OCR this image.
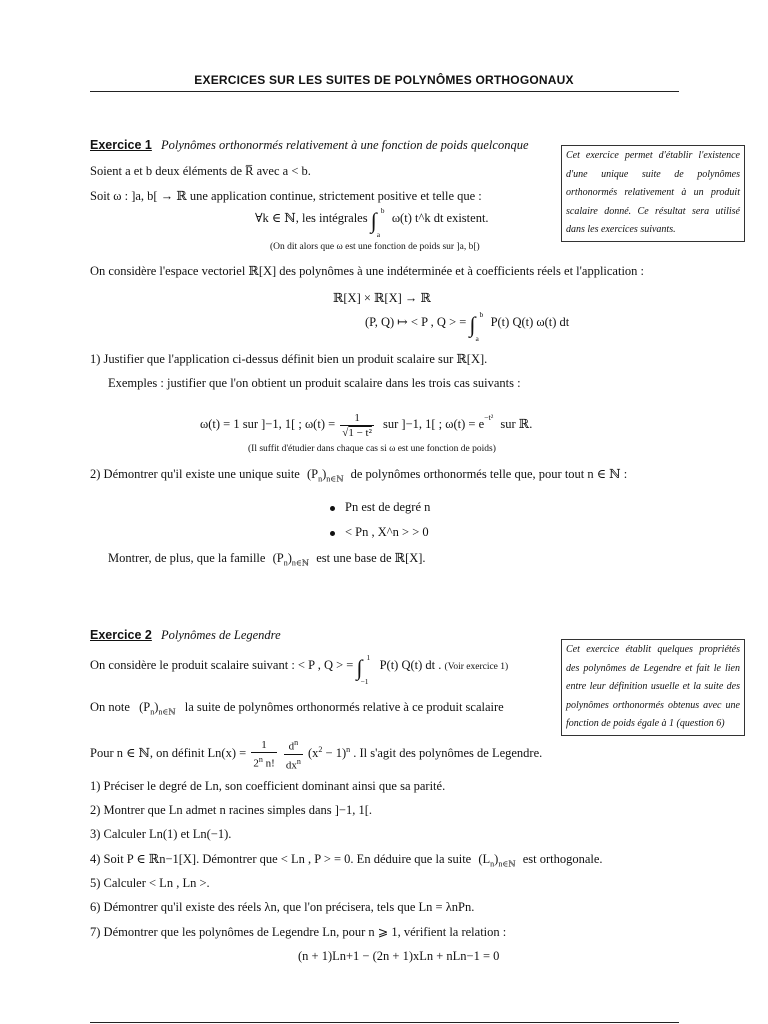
EXERCICES SUR LES SUITES DE POLYNÔMES ORTHOGONAUX
Exercice 1 Polynômes orthonormés relativement à une fonction de poids quelconque
Cet exercice permet d'établir l'existence d'une unique suite de polynômes orthonormés relativement à un produit scalaire donné. Ce résultat sera utilisé dans les exercices suivants.
Soient a et b deux éléments de R̅ avec a < b.
Soit ω : ]a, b[ → ℝ une application continue, strictement positive et telle que :
∀k ∈ ℕ, les intégrales ∫ b
a
ω(t) t^k dt existent.
(On dit alors que ω est une fonction de poids sur ]a, b[)
On considère l'espace vectoriel ℝ[X] des polynômes à une indéterminée et à coefficients réels et l'application :
ℝ[X] × ℝ[X] → ℝ
(P, Q) ↦ < P , Q > = ∫ b
a
P(t) Q(t) ω(t) dt
1) Justifier que l'application ci-dessus définit bien un produit scalaire sur ℝ[X].
Exemples : justifier que l'on obtient un produit scalaire dans les trois cas suivants :
ω(t) = 1 sur ]−1, 1[ ; $\omega(t) = \frac{1}{\text{√1 − t²}}$ sur ]−1, 1[ ; $\omega(t) = e^{-t^2}$ sur ℝ.
(Il suffit d'étudier dans chaque cas si ω est une fonction de poids)
2) Démontrer qu'il existe une unique suite $(P_n)_{n\in ℕ}$ de polynômes orthonormés telle que, pour tout n ∈ ℕ :
Pn est de degré n
< Pn , X^n > > 0
Montrer, de plus, que la famille $(P_n)_{n\in ℕ}$ est une base de ℝ[X].
Exercice 2 Polynômes de Legendre
Cet exercice établit quelques propriétés des polynômes de Legendre et fait le lien entre leur définition usuelle et la suite des polynômes orthonormés obtenus avec une fonction de poids égale à 1 (question 6)
On considère le produit scalaire suivant : < P , Q > = ∫ 1
−1
P(t) Q(t) dt . (Voir exercice 1)
On note $(P_n)_{n\in ℕ}$ la suite de polynômes orthonormés relative à ce produit scalaire
Pour n ∈ ℕ, on définit $Ln(x) = \frac{1}{2^n n!}$
$\frac{d^n}{dx^n} (x^2 - 1)^n$ . Il s'agit des polynômes de Legendre.
1) Préciser le degré de Ln, son coefficient dominant ainsi que sa parité.
2) Montrer que Ln admet n racines simples dans ]−1, 1[.
3) Calculer Ln(1) et Ln(−1).
4) Soit P ∈ ℝn−1[X]. Démontrer que < Ln , P > = 0. En déduire que la suite $(L_n)_{n\in ℕ}$ est orthogonale.
5) Calculer < Ln , Ln >.
6) Démontrer qu'il existe des réels λn, que l'on précisera, tels que Ln = λnPn.
7) Démontrer que les polynômes de Legendre Ln, pour n ⩾ 1, vérifient la relation :
(n + 1)Ln+1 − (2n + 1)xLn + nLn−1 = 0
